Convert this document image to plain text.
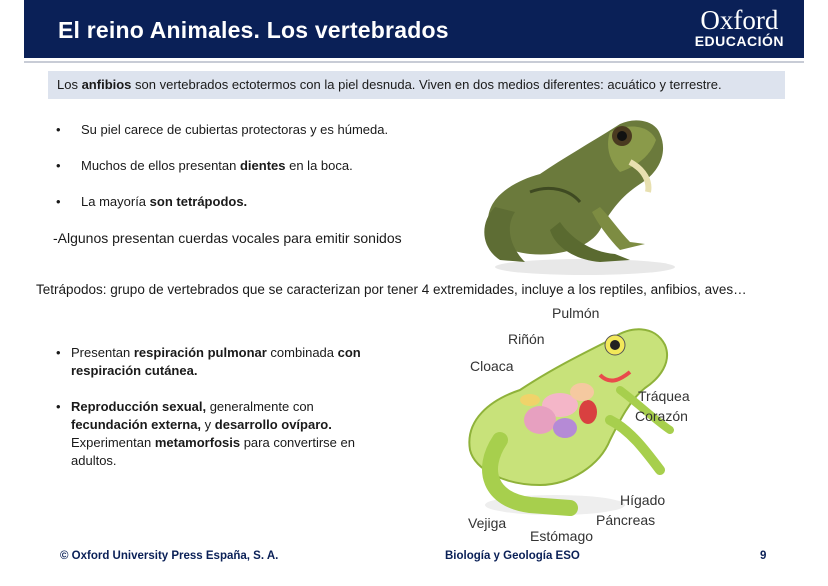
El reino Animales. Los vertebrados	Oxford
EDUCACIÓN
Los anfibios son vertebrados ectotermos con la piel desnuda. Viven en dos medios diferentes: acuático y terrestre.
• Su piel carece de cubiertas protectoras y es húmeda.
• Muchos de ellos presentan dientes en la boca.
• La mayoría son tetrápodos.
-Algunos presentan cuerdas vocales para emitir sonidos
Tetrápodos: grupo de vertebrados que se caracterizan por tener 4 extremidades, incluye a los reptiles, anfibios, aves…
• Presentan respiración pulmonar combinada con respiración cutánea.
• Reproducción sexual, generalmente con fecundación externa, y desarrollo ovíparo. Experimentan metamorfosis para convertirse en adultos.
Pulmón
Riñón
Cloaca
Tráquea
Corazón
Hígado
Páncreas
Vejiga
Estómago
© Oxford University Press España, S. A.	Biología y Geología ESO	9
